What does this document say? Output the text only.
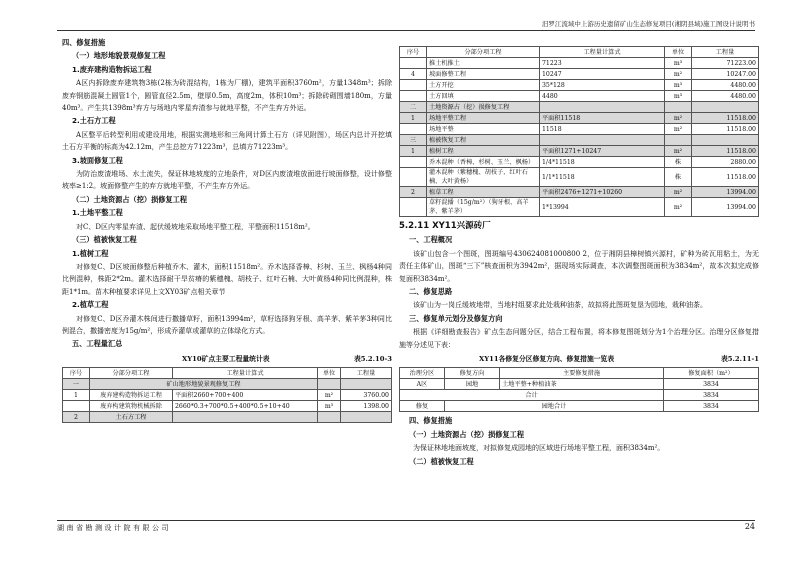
汨罗江流域中上游历史遗留矿山生态修复项目(湘阴县域)施工图设计说明书
四、修复措施
（一）地形地貌景观修复工程
1.废弃建构造物拆运工程

A区内拆除废弃建筑物3栋(2栋为砖混结构，1栋为厂棚)，建筑平面积3760m²，方量1348m³；拆除废弃钢筋混凝土圆管1个，圆管直径2.5m，壁厚0.5m，高度2m，体积10m³；拆除砖砌围墙180m，方量40m³。产生共1398m³弃方与场地内零星弃渣参与就地平整，不产生弃方外运。

2.土石方工程

A区整平后转型利用或建设用地，根据实测地形和三角网计算土石方（详见附图），场区内总计开挖填土石方平衡的标高为42.12m，产生总挖方71223m³，总填方71223m³。

3.坡面修复工程

为防治废渣堆场、水土流失，保证林地坡度的立地条件，对D区内废渣堆放面进行坡面修整，设计修整坡率≥1:2。坡面修整产生的弃方就地平整，不产生弃方外运。

（二）土地资源占（挖）损修复工程
1.土地平整工程

对C、D区内零星弃渣、起伏缓坡地采取场地平整工程，平整面积11518m²。

（三）植被恢复工程
1.植树工程

对修复C、D区坡面修整后种植乔木、灌木，面积11518m²。乔木选择香樟、杉树、玉兰、枫杨4种同比例混种，株距2*2m。灌木选择耐干旱贫瘠的紫穗槐、胡枝子、红叶石楠、大叶黄杨4种同比例混种，株距1*1m。苗木种植要求详见上文XY03矿点相关章节

2.植草工程

对修复C、D区乔灌木株间进行撒播草籽，面积13994m²，草籽选择狗牙根、高羊茅、紫羊茅3种同比例混合，撒播密度为15g/m²，形成乔灌草或灌草的立体绿化方式。

五、工程量汇总
XY10矿点主要工程量统计表	表5.2.10-3
序号	分部分项工程	工程量计算式	单位	工程量
一	矿山地形地貌景观修复工程			
1	废弃建构造物拆运工程	平面积2660+700+400	m²	3760.00
	废弃构建筑物机械拆除	2660*0.3+700*0.5+400*0.5+10+40	m³	1398.00
2	土石方工程			
序号	分部分项工程	工程量计算式	单位	工程量
	推土机推土	71223	m³	71223.00
4	坡面修整工程	10247	m²	10247.00
	土方开挖	35*128	m³	4480.00
	土方回填	4480	m³	4480.00
二	土地资源占（挖）损修复工程			
1	场地平整工程	平面积11518	m²	11518.00
	场地平整	11518	m²	11518.00
三	植被恢复工程			
1	植树工程	平面积1271+10247	m²	11518.00
	乔木混种（香樟、杉树、玉兰、枫杨）	1/4*11518	株	2880.00
	灌木混种（紫穗槐、胡枝子、红叶石楠、大叶黄杨）	1/1*11518	株	11518.00
2	植草工程	平面积2476+1271+10260	m²	13994.00
	草籽混播（15g/m²）（狗牙根、高羊茅、紫羊茅）	1*13994	m²	13994.00
5.2.11 XY11兴源砖厂
一、工程概况

该矿山包含一个图斑，图斑编号430624081000800 2，位于湘阴县樟树镇兴源村，矿种为砖瓦用粘土，为无责任主体矿山，图斑“三下”核查面积为3942m²，据现场实际调查，本次调整图斑面积为3834m²，故本次拟完成修复面积3834m²。

二、修复思路

该矿山为一岗丘缓坡地带，当地村组要求此处栽种油茶，故拟将此图斑复垦为园地，栽种油茶。

三、修复单元划分及修复方向

根据《详细勘查报告》矿点生态问题分区，结合工程布置，将本修复图斑划分为1个治理分区。治理分区修复措施等分述见下表：

XY11各修复分区修复方向、修复措施一览表	表5.2.11-1
治理分区	修复方向	主要修复措施	修复面积（m²）
A区	园地	土地平整+种植油茶	3834
合计			3834
修复	园地合计		3834
四、修复措施
（一）土地资源占（挖）损修复工程

为保证林地地面坡度，对拟修复成园地的区域进行场地平整工程，面积3834m²。

（二）植被恢复工程
湖南省勘测设计院有限公司	24
